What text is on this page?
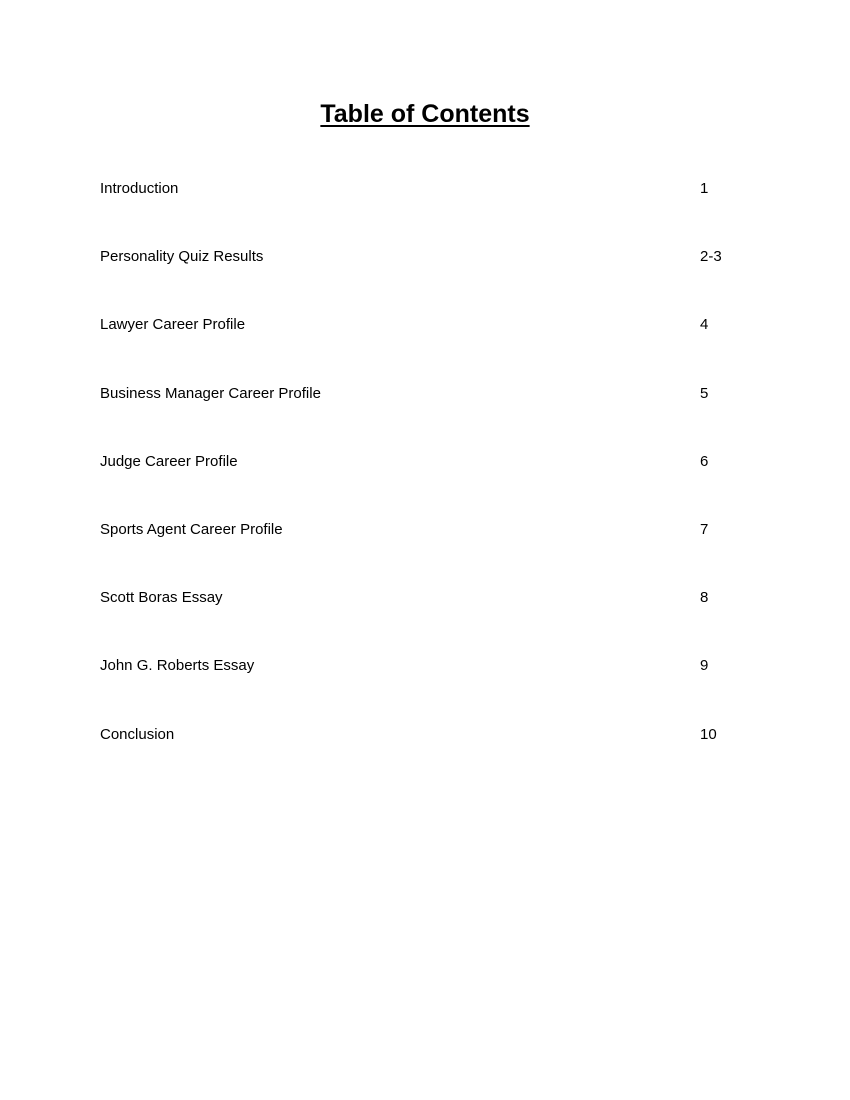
Table of Contents
Introduction	1
Personality Quiz Results	2-3
Lawyer Career Profile	4
Business Manager Career Profile	5
Judge Career Profile	6
Sports Agent Career Profile	7
Scott Boras Essay	8
John G. Roberts Essay	9
Conclusion	10
